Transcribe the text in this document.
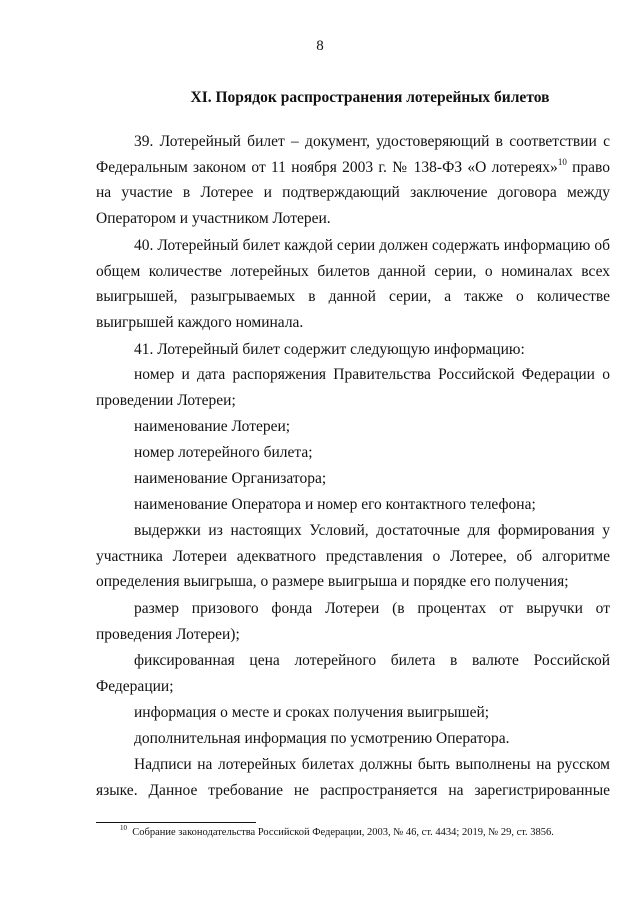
8
XI. Порядок распространения лотерейных билетов
39. Лотерейный билет – документ, удостоверяющий в соответствии с Федеральным законом от 11 ноября 2003 г. № 138-ФЗ «О лотереях»$^{10}$ право на участие в Лотерее и подтверждающий заключение договора между Оператором и участником Лотереи.
40. Лотерейный билет каждой серии должен содержать информацию об общем количестве лотерейных билетов данной серии, о номиналах всех выигрышей, разыгрываемых в данной серии, а также о количестве выигрышей каждого номинала.
41. Лотерейный билет содержит следующую информацию:
номер и дата распоряжения Правительства Российской Федерации о проведении Лотереи;
наименование Лотереи;
номер лотерейного билета;
наименование Организатора;
наименование Оператора и номер его контактного телефона;
выдержки из настоящих Условий, достаточные для формирования у участника Лотереи адекватного представления о Лотерее, об алгоритме определения выигрыша, о размере выигрыша и порядке его получения;
размер призового фонда Лотереи (в процентах от выручки от проведения Лотереи);
фиксированная цена лотерейного билета в валюте Российской Федерации;
информация о месте и сроках получения выигрышей;
дополнительная информация по усмотрению Оператора.
Надписи на лотерейных билетах должны быть выполнены на русском языке. Данное требование не распространяется на зарегистрированные
$^{10}$ Собрание законодательства Российской Федерации, 2003, № 46, ст. 4434; 2019, № 29, ст. 3856.
